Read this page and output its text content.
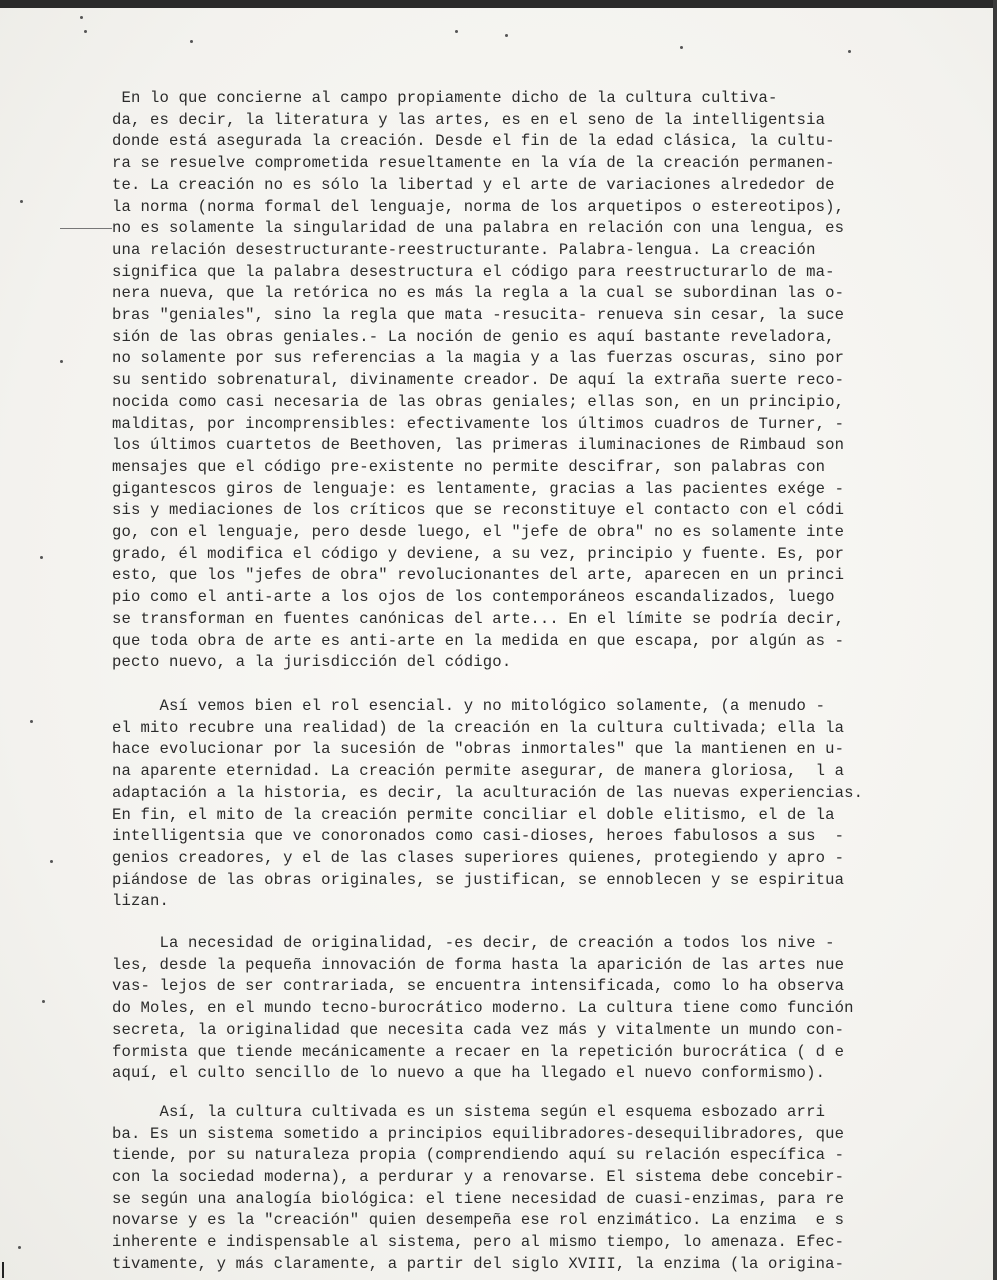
En lo que concierne al campo propiamente dicho de la cultura cultiva-
da, es decir, la literatura y las artes, es en el seno de la intelligentsia
donde está asegurada la creación. Desde el fin de la edad clásica, la cultu-
ra se resuelve comprometida resueltamente en la vía de la creación permanen-
te. La creación no es sólo la libertad y el arte de variaciones alrededor de
la norma (norma formal del lenguaje, norma de los arquetipos o estereotipos),
no es solamente la singularidad de una palabra en relación con una lengua, es
una relación desestructurante-reestructurante. Palabra-lengua. La creación
significa que la palabra desestructura el código para reestructurarlo de ma-
nera nueva, que la retórica no es más la regla a la cual se subordinan las o-
bras "geniales", sino la regla que mata -resucita- renueva sin cesar, la suce
sión de las obras geniales.- La noción de genio es aquí bastante reveladora,
no solamente por sus referencias a la magia y a las fuerzas oscuras, sino por
su sentido sobrenatural, divinamente creador. De aquí la extraña suerte reco-
nocida como casi necesaria de las obras geniales; ellas son, en un principio,
malditas, por incomprensibles: efectivamente los últimos cuadros de Turner, -
los últimos cuartetos de Beethoven, las primeras iluminaciones de Rimbaud son
mensajes que el código pre-existente no permite descifrar, son palabras con
gigantescos giros de lenguaje: es lentamente, gracias a las pacientes exége -
sis y mediaciones de los críticos que se reconstituye el contacto con el códi
go, con el lenguaje, pero desde luego, el "jefe de obra" no es solamente inte
grado, él modifica el código y deviene, a su vez, principio y fuente. Es, por
esto, que los "jefes de obra" revolucionantes del arte, aparecen en un princi
pio como el anti-arte a los ojos de los contemporáneos escandalizados, luego
se transforman en fuentes canónicas del arte... En el límite se podría decir,
que toda obra de arte es anti-arte en la medida en que escapa, por algún as -
pecto nuevo, a la jurisdicción del código.
Así vemos bien el rol esencial. y no mitológico solamente, (a menudo -
el mito recubre una realidad) de la creación en la cultura cultivada; ella la
hace evolucionar por la sucesión de "obras inmortales" que la mantienen en u-
na aparente eternidad. La creación permite asegurar, de manera gloriosa,  l a
adaptación a la historia, es decir, la aculturación de las nuevas experiencias.
En fin, el mito de la creación permite conciliar el doble elitismo, el de la
intelligentsia que ve conoronados como casi-dioses, heroes fabulosos a sus  -
genios creadores, y el de las clases superiores quienes, protegiendo y apro -
piándose de las obras originales, se justifican, se ennoblecen y se espiritua
lizan.
La necesidad de originalidad, -es decir, de creación a todos los nive -
les, desde la pequeña innovación de forma hasta la aparición de las artes nue
vas- lejos de ser contrariada, se encuentra intensificada, como lo ha observa
do Moles, en el mundo tecno-burocrático moderno. La cultura tiene como función
secreta, la originalidad que necesita cada vez más y vitalmente un mundo con-
formista que tiende mecánicamente a recaer en la repetición burocrática ( d e
aquí, el culto sencillo de lo nuevo a que ha llegado el nuevo conformismo).
Así, la cultura cultivada es un sistema según el esquema esbozado arri
ba. Es un sistema sometido a principios equilibradores-desequilibradores, que
tiende, por su naturaleza propia (comprendiendo aquí su relación específica -
con la sociedad moderna), a perdurar y a renovarse. El sistema debe concebir-
se según una analogía biológica: el tiene necesidad de cuasi-enzimas, para re
novarse y es la "creación" quien desempeña ese rol enzimático. La enzima  e s
inherente e indispensable al sistema, pero al mismo tiempo, lo amenaza. Efec-
tivamente, y más claramente, a partir del siglo XVIII, la enzima (la origina-
